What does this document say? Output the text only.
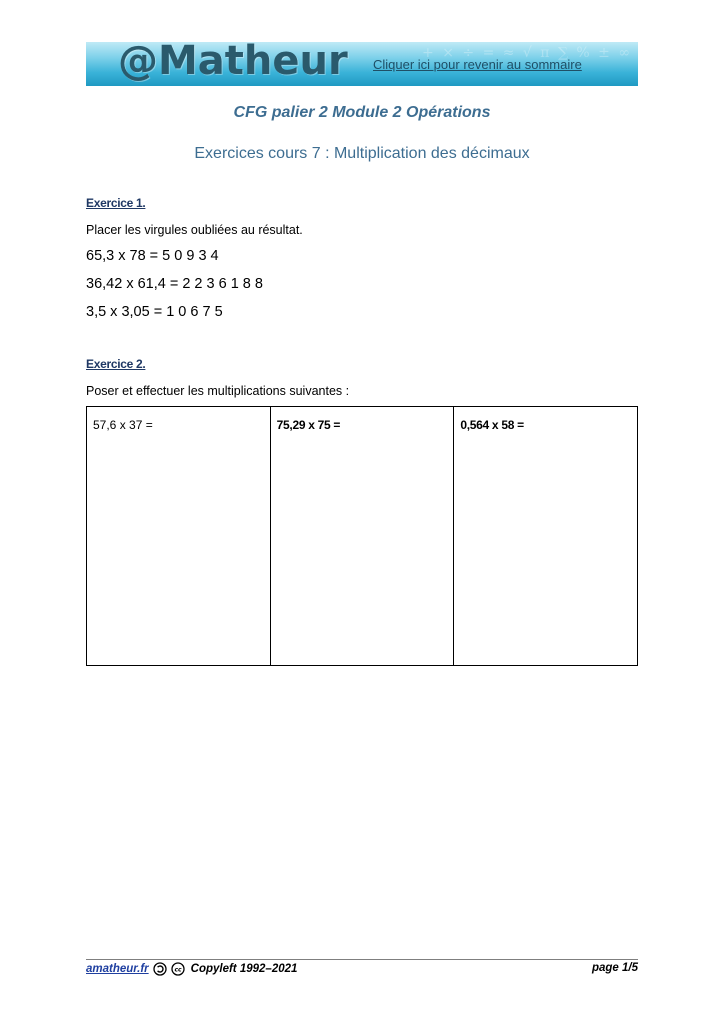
+ × ÷ = ≈ √ π ∑ % ± ∞
@Matheur Cliquer ici pour revenir au sommaire
CFG palier 2 Module 2 Opérations
Exercices cours 7 : Multiplication des décimaux
Exercice 1.
Placer les virgules oubliées au résultat.
65,3 x 78 = 5 0 9 3 4
36,42 x 61,4 = 2 2 3 6 1 8 8
3,5 x 3,05 = 1 0 6 7 5
Exercice 2.
Poser et effectuer les multiplications suivantes :
57,6 x 37 =	75,29 x 75 =	0,564 x 58 =
amatheur.fr	cc Copyleft 1992–2021	page 1/5
